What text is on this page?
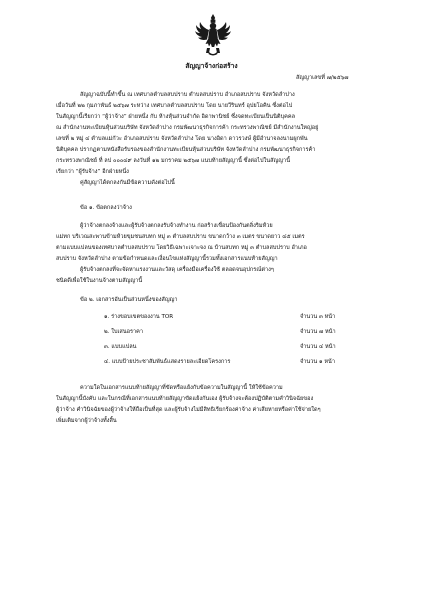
สัญญาจ้างก่อสร้าง
สัญญาเลขที่ ๗/๒๕๖๗
สัญญาฉบับนี้ทำขึ้น ณ เทศบาลตำบลสบปราบ ตำบลสบปราบ อำเภอสบปราบ จังหวัดลำปาง
เมื่อวันที่ ๒๒ กุมภาพันธ์ ๒๕๖๗ ระหว่าง เทศบาลตำบลสบปราบ โดย นายวีรินทร์ อุปยโอคิน ซึ่งต่อไป
ในสัญญานี้เรียกว่า “ผู้ว่าจ้าง” ฝ่ายหนึ่ง กับ ห้างหุ้นส่วนจำกัด อิดาพานิชย์ ซึ่งจดทะเบียนเป็นนิติบุคคล
ณ สำนักงานทะเบียนหุ้นส่วนบริษัท จังหวัดลำปาง กรมพัฒนาธุรกิจการค้า กระทรวงพาณิชย์ มีสำนักงานใหญ่อยู่
เลขที่ ๒ หมู่ ๔ ตำบลแม่กัวะ อำเภอสบปราบ จังหวัดลำปาง โดย นางอิดา ดาวรวงษ์ ผู้มีอำนาจลงนามผูกพัน
นิติบุคคล ปรากฏตามหนังสือรับรองของสำนักงานทะเบียนหุ้นส่วนบริษัท จังหวัดลำปาง กรมพัฒนาธุรกิจการค้า
กระทรวงพาณิชย์ ที่ ลป ๐๐๐๔๙ ลงวันที่ ๑๒ มกราคม ๒๕๖๗ แนบท้ายสัญญานี้ ซึ่งต่อไปในสัญญานี้
เรียกว่า “ผู้รับจ้าง” อีกฝ่ายหนึ่ง
คู่สัญญาได้ตกลงกันมีข้อความดังต่อไปนี้
ข้อ ๑. ข้อตกลงว่าจ้าง
ผู้ว่าจ้างตกลงจ้างและผู้รับจ้างตกลงรับจ้างทำงาน ก่อสร้างเขื่อนป้องกันตลิ่งริมห้วย
แม่ทก บริเวณสะพานข้ามห้วยขุมชนสบทก หมู่ ๓ ตำบลสบปราบ ขนาดกว้าง ๓ เมตร ขนาดยาว ๔๕ เมตร
ตามแบบแปลนของเทศบาลตำบลสบปราบ โดยวิธีเฉพาะเจาะจง ณ บ้านสบทก หมู่ ๓ ตำบลสบปราบ อำเภอ
สบปราบ จังหวัดลำปาง ตามข้อกำหนดและเงื่อนไขแห่งสัญญานี้รวมทั้งเอกสารแนบท้ายสัญญา
ผู้รับจ้างตกลงที่จะจัดหาแรงงานและวัสดุ เครื่องมือเครื่องใช้ ตลอดจนอุปกรณ์ต่างๆ
ชนิดดีเพื่อใช้ในงานจ้างตามสัญญานี้
ข้อ ๒. เอกสารอันเป็นส่วนหนึ่งของสัญญา
๑. ร่างขอบเขตของงาน TOR	จำนวน ๓ หน้า
๒. ใบเสนอราคา	จำนวน ๗ หน้า
๓. แบบแปลน	จำนวน ๔ หน้า
๔. แบบป้ายประชาสัมพันธ์แสดงรายละเอียดโครงการ	จำนวน ๑ หน้า
ความใดในเอกสารแนบท้ายสัญญาที่ขัดหรือแย้งกับข้อความในสัญญานี้ ให้ใช้ข้อความ
ในสัญญานี้บังคับ และในกรณีที่เอกสารแนบท้ายสัญญาขัดแย้งกันเอง ผู้รับจ้างจะต้องปฏิบัติตามคำวินิจฉัยของ
ผู้ว่าจ้าง คำวินิจฉัยของผู้ว่าจ้างให้ถือเป็นที่สุด และผู้รับจ้างไม่มีสิทธิเรียกร้องค่าจ้าง ค่าเสียหายหรือค่าใช้จ่ายใดๆ
เพิ่มเติมจากผู้ว่าจ้างทั้งสิ้น
